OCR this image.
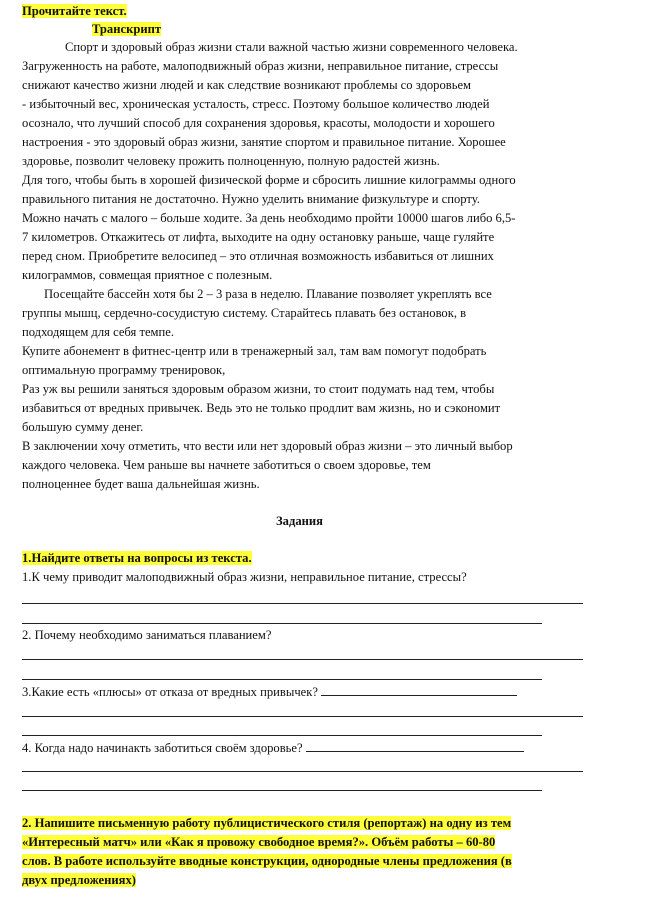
Прочитайте текст.
Транскрипт
Спорт и здоровый образ жизни стали важной частью жизни современного человека.
Загруженность на работе, малоподвижный образ жизни, неправильное питание, стрессы
снижают качество жизни людей и как следствие возникают проблемы со здоровьем
- избыточный вес, хроническая усталость, стресс. Поэтому большое количество людей
осознало, что лучший способ для сохранения здоровья, красоты, молодости и хорошего
настроения - это здоровый образ жизни, занятие спортом и правильное питание. Хорошее
здоровье, позволит человеку прожить полноценную, полную радостей жизнь.
Для того, чтобы быть в хорошей физической форме и сбросить лишние килограммы одного
правильного питания не достаточно. Нужно уделить внимание физкультуре и спорту.
Можно начать с малого – больше ходите. За день необходимо пройти 10000 шагов либо 6,5-
7 километров. Откажитесь от лифта, выходите на одну остановку раньше, чаще гуляйте
перед сном. Приобретите велосипед – это отличная возможность избавиться от лишних
килограммов, совмещая приятное с полезным.
Посещайте бассейн хотя бы 2 – 3 раза в неделю. Плавание позволяет укреплять все
группы мышц, сердечно-сосудистую систему. Старайтесь плавать без остановок, в
подходящем для себя темпе.
Купите абонемент в фитнес-центр или в тренажерный зал, там вам помогут подобрать
оптимальную программу тренировок,
Раз уж вы решили заняться здоровым образом жизни, то стоит подумать над тем, чтобы
избавиться от вредных привычек. Ведь это не только продлит вам жизнь, но и сэкономит
большую сумму денег.
В заключении хочу отметить, что вести или нет здоровый образ жизни – это личный выбор
каждого человека. Чем раньше вы начнете заботиться о своем здоровье, тем
полноценнее будет ваша дальнейшая жизнь.
Задания
1.Найдите ответы на вопросы из текста.
1.К чему приводит малоподвижный образ жизни, неправильное питание, стрессы?
2. Почему необходимо заниматься плаванием?
3.Какие есть «плюсы» от отказа от вредных привычек?
4. Когда надо начинакть заботиться своём здоровье?
2. Напишите письменную работу публицистического стиля (репортаж) на одну из тем
«Интересный матч» или «Как я провожу свободное время?». Объём работы – 60-80
слов. В работе используйте вводные конструкции, однородные члены предложения (в
двух предложениях)
